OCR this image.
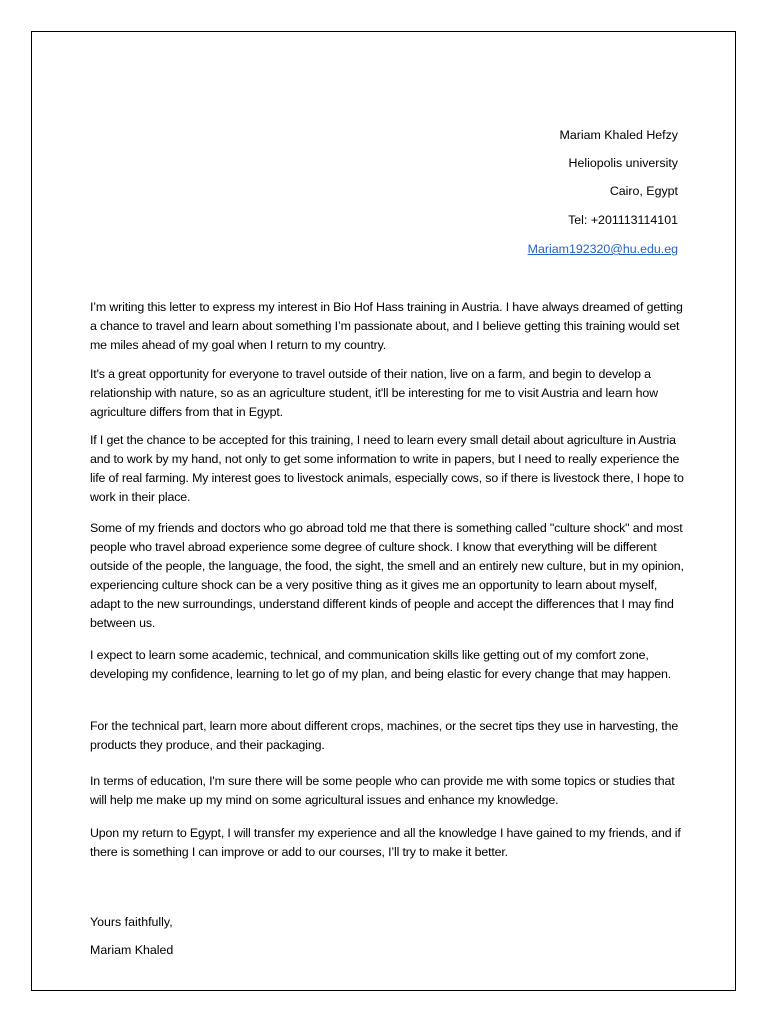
Mariam Khaled Hefzy
Heliopolis university
Cairo, Egypt
Tel: +201113114101
Mariam192320@hu.edu.eg

I’m writing this letter to express my interest in Bio Hof Hass training in Austria. I have always dreamed of getting a chance to travel and learn about something I’m passionate about, and I believe getting this training would set me miles ahead of my goal when I return to my country.

It's a great opportunity for everyone to travel outside of their nation, live on a farm, and begin to develop a relationship with nature, so as an agriculture student, it'll be interesting for me to visit Austria and learn how agriculture differs from that in Egypt.

If I get the chance to be accepted for this training, I need to learn every small detail about agriculture in Austria and to work by my hand, not only to get some information to write in papers, but I need to really experience the life of real farming. My interest goes to livestock animals, especially cows, so if there is livestock there, I hope to work in their place.

Some of my friends and doctors who go abroad told me that there is something called "culture shock" and most people who travel abroad experience some degree of culture shock. I know that everything will be different outside of the people, the language, the food, the sight, the smell and an entirely new culture, but in my opinion, experiencing culture shock can be a very positive thing as it gives me an opportunity to learn about myself, adapt to the new surroundings, understand different kinds of people and accept the differences that I may find between us.

I expect to learn some academic, technical, and communication skills like getting out of my comfort zone, developing my confidence, learning to let go of my plan, and being elastic for every change that may happen.

For the technical part, learn more about different crops, machines, or the secret tips they use in harvesting, the products they produce, and their packaging.

In terms of education, I'm sure there will be some people who can provide me with some topics or studies that will help me make up my mind on some agricultural issues and enhance my knowledge.

Upon my return to Egypt, I will transfer my experience and all the knowledge I have gained to my friends, and if there is something I can improve or add to our courses, I’ll try to make it better.

Yours faithfully,
Mariam Khaled
